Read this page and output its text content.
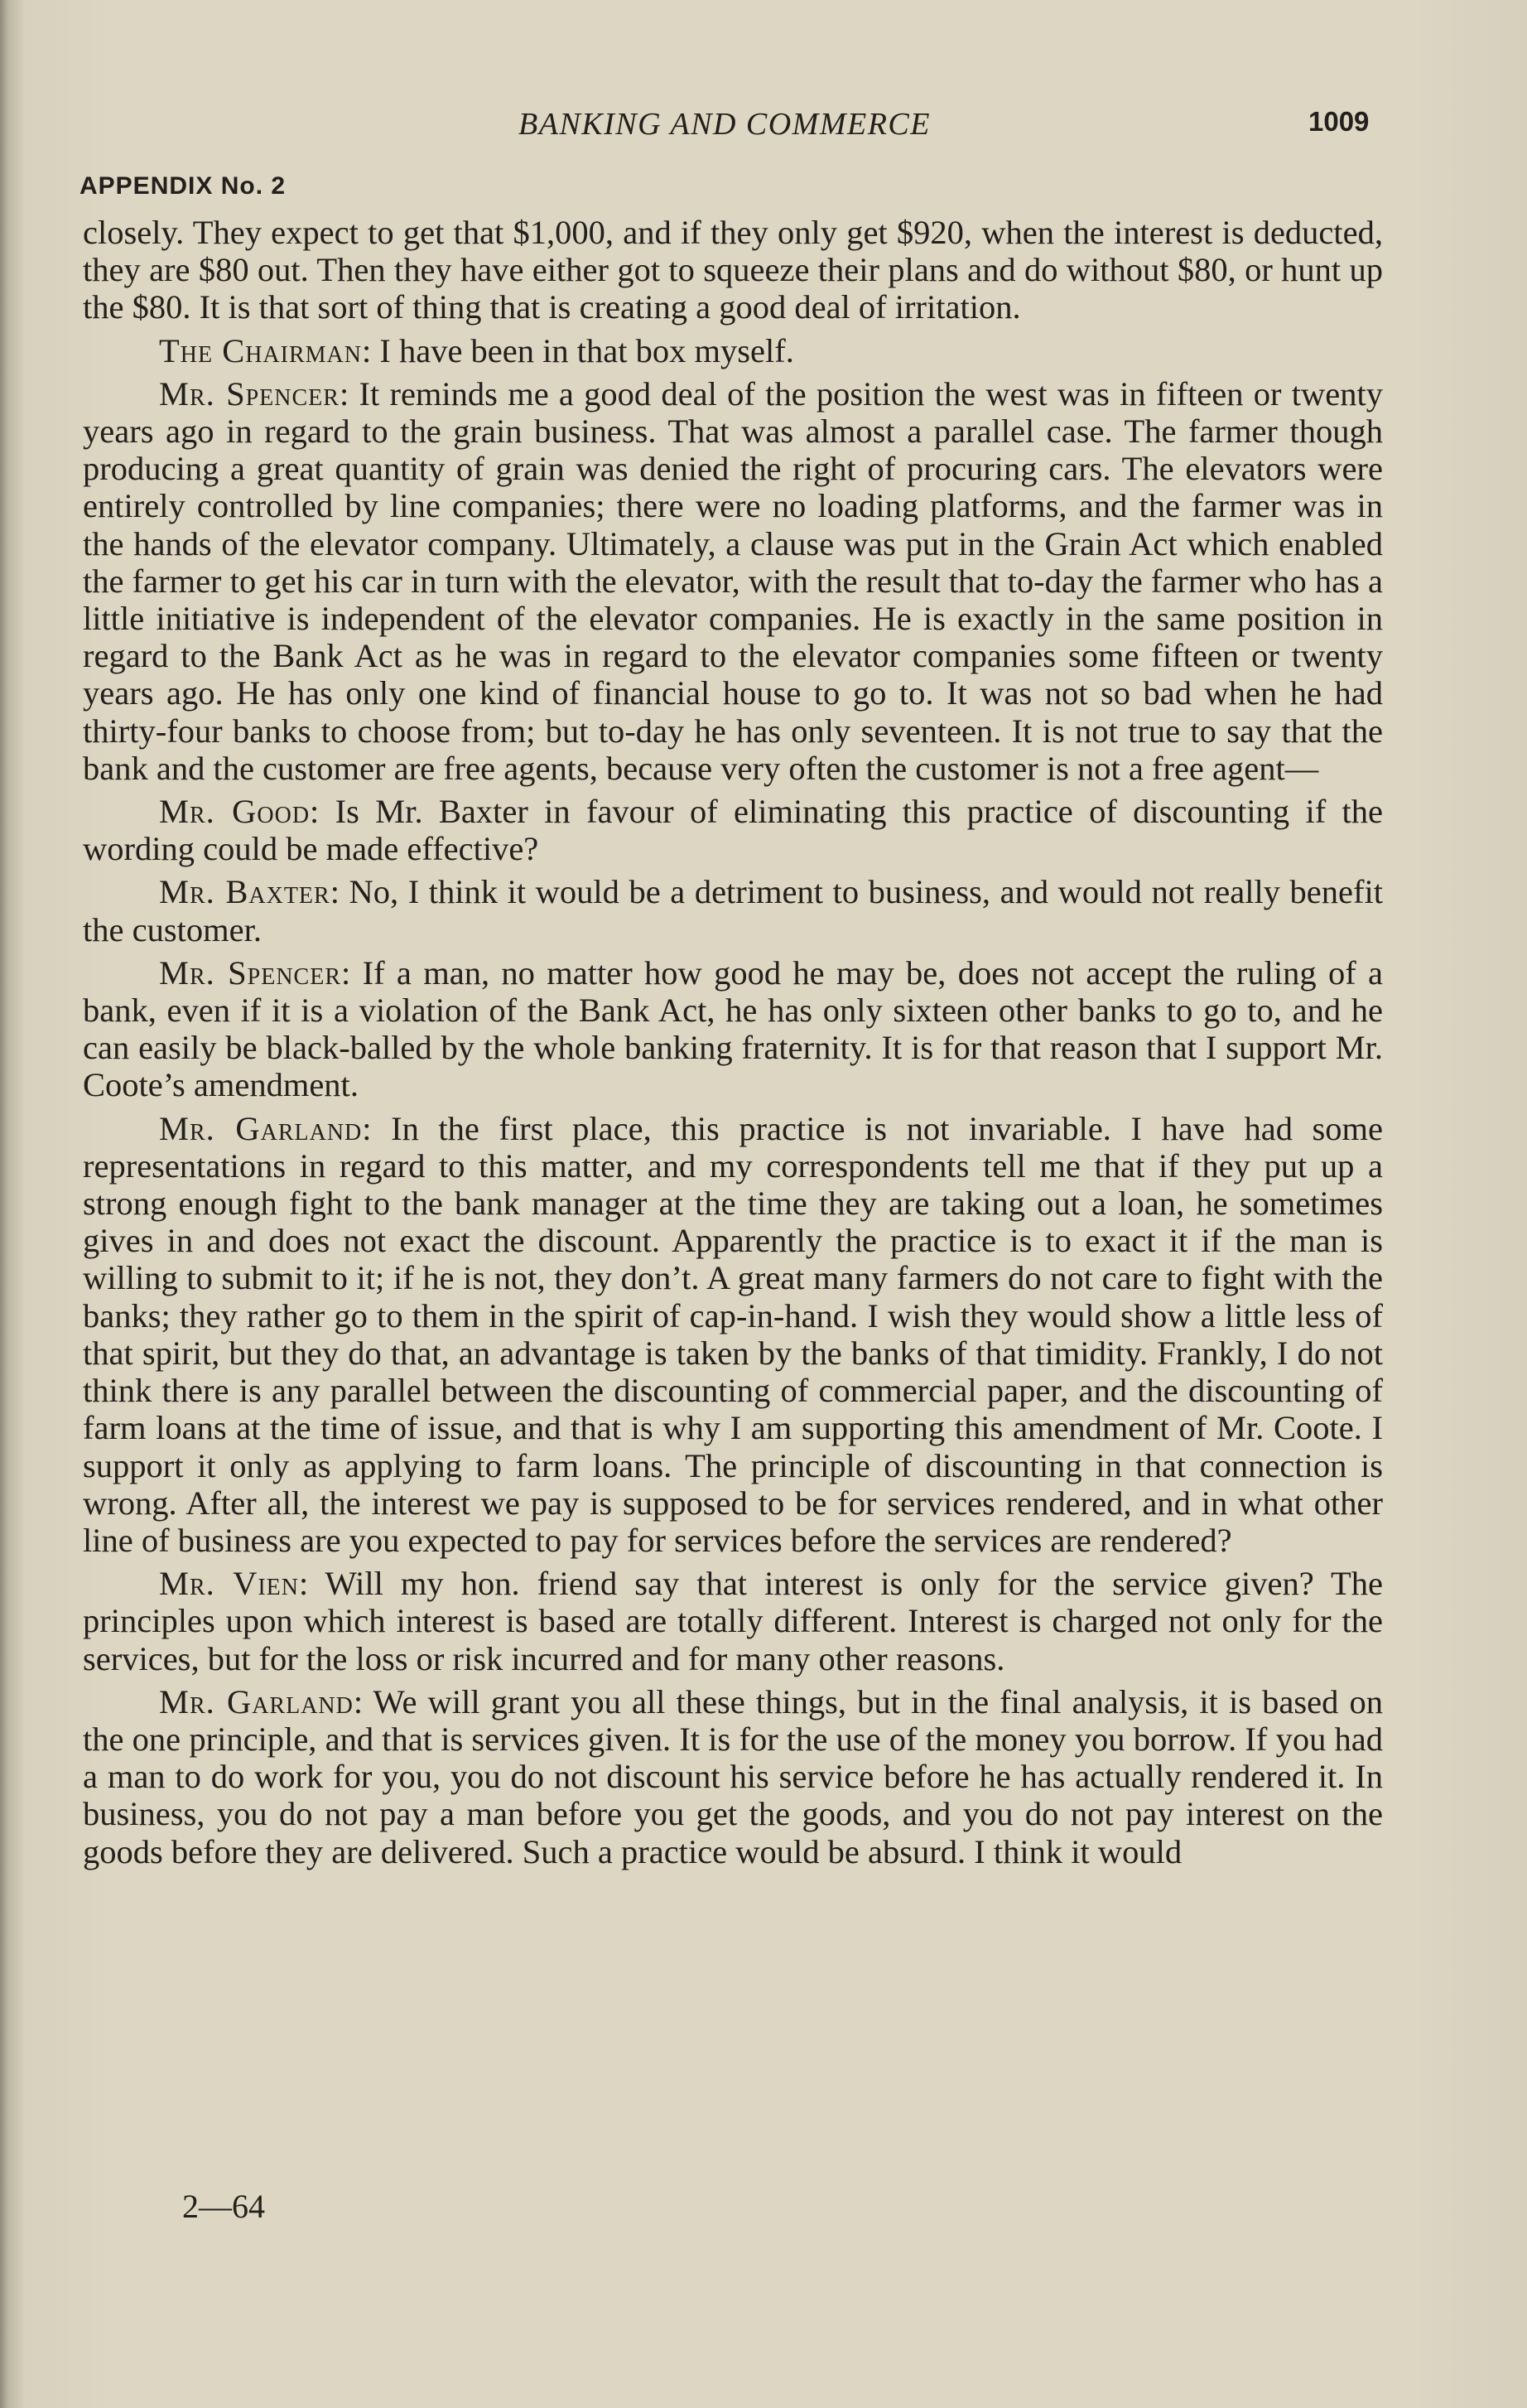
BANKING AND COMMERCE	1009
APPENDIX No. 2

closely. They expect to get that $1,000, and if they only get $920, when the interest is deducted, they are $80 out. Then they have either got to squeeze their plans and do without $80, or hunt up the $80. It is that sort of thing that is creating a good deal of irritation.

The Chairman: I have been in that box myself.

Mr. Spencer: It reminds me a good deal of the position the west was in fifteen or twenty years ago in regard to the grain business. That was almost a parallel case. The farmer though producing a great quantity of grain was denied the right of procuring cars. The elevators were entirely controlled by line companies; there were no loading platforms, and the farmer was in the hands of the elevator company. Ultimately, a clause was put in the Grain Act which enabled the farmer to get his car in turn with the elevator, with the result that to-day the farmer who has a little initiative is independent of the elevator companies. He is exactly in the same position in regard to the Bank Act as he was in regard to the elevator companies some fifteen or twenty years ago. He has only one kind of financial house to go to. It was not so bad when he had thirty-four banks to choose from; but to-day he has only seventeen. It is not true to say that the bank and the customer are free agents, because very often the customer is not a free agent—

Mr. Good: Is Mr. Baxter in favour of eliminating this practice of discounting if the wording could be made effective?

Mr. Baxter: No, I think it would be a detriment to business, and would not really benefit the customer.

Mr. Spencer: If a man, no matter how good he may be, does not accept the ruling of a bank, even if it is a violation of the Bank Act, he has only sixteen other banks to go to, and he can easily be black-balled by the whole banking fraternity. It is for that reason that I support Mr. Coote’s amendment.

Mr. Garland: In the first place, this practice is not invariable. I have had some representations in regard to this matter, and my correspondents tell me that if they put up a strong enough fight to the bank manager at the time they are taking out a loan, he sometimes gives in and does not exact the discount. Apparently the practice is to exact it if the man is willing to submit to it; if he is not, they don’t. A great many farmers do not care to fight with the banks; they rather go to them in the spirit of cap-in-hand. I wish they would show a little less of that spirit, but they do that, an advantage is taken by the banks of that timidity. Frankly, I do not think there is any parallel between the discounting of commercial paper, and the discounting of farm loans at the time of issue, and that is why I am supporting this amendment of Mr. Coote. I support it only as applying to farm loans. The principle of discounting in that connection is wrong. After all, the interest we pay is supposed to be for services rendered, and in what other line of business are you expected to pay for services before the services are rendered?

Mr. Vien: Will my hon. friend say that interest is only for the service given? The principles upon which interest is based are totally different. Interest is charged not only for the services, but for the loss or risk incurred and for many other reasons.

Mr. Garland: We will grant you all these things, but in the final analysis, it is based on the one principle, and that is services given. It is for the use of the money you borrow. If you had a man to do work for you, you do not discount his service before he has actually rendered it. In business, you do not pay a man before you get the goods, and you do not pay interest on the goods before they are delivered. Such a practice would be absurd. I think it would

2—64
